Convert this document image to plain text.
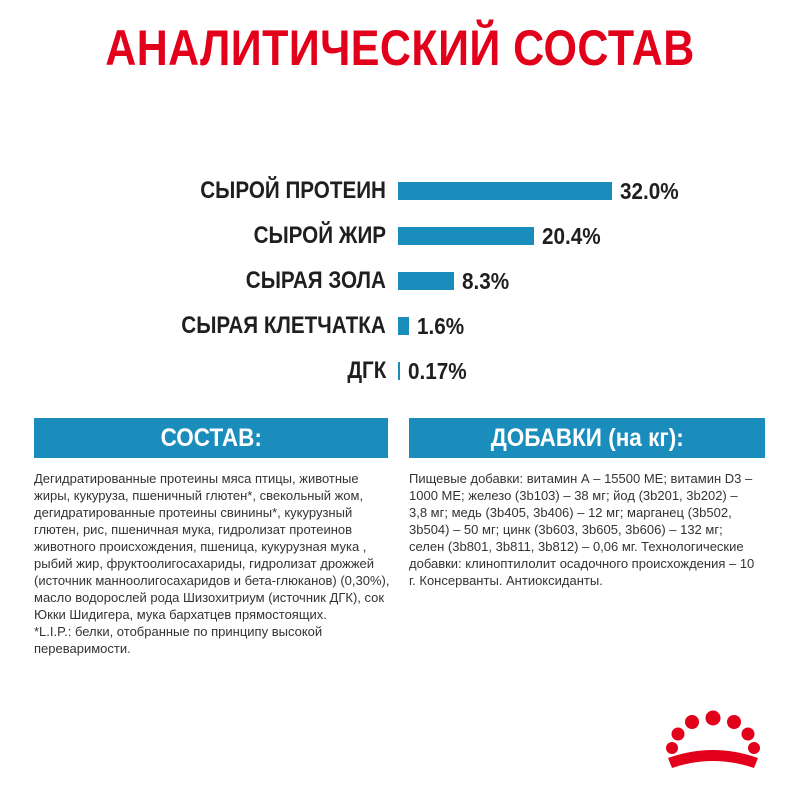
АНАЛИТИЧЕСКИЙ СОСТАВ
СЫРОЙ ПРОТЕИН	32.0%
СЫРОЙ ЖИР	20.4%
СЫРАЯ ЗОЛА	8.3%
СЫРАЯ КЛЕТЧАТКА 1.6%
ДГК 0.17%
СОСТАВ:

Дегидратированные протеины мяса птицы, животные жиры, кукуруза, пшеничный глютен*, свекольный жом, дегидратированные протеины свинины*, кукурузный глютен, рис, пшеничная мука, гидролизат протеинов животного происхождения, пшеница, кукурузная мука , рыбий жир, фруктоолигосахариды, гидролизат дрожжей (источник манноолигосахаридов и бета-глюканов) (0,30%), масло водорослей рода Шизохитриум (источник ДГК), сок Юкки Шидигера, мука бархатцев прямостоящих.

*L.I.P.: белки, отобранные по принципу высокой переваримости.

ДОБАВКИ (на кг):

Пищевые добавки: витамин А – 15500 МЕ; витамин D3 – 1000 МЕ; железо (3b103) – 38 мг; йод (3b201, 3b202) – 3,8 мг; медь (3b405, 3b406) – 12 мг; марганец (3b502, 3b504) – 50 мг; цинк (3b603, 3b605, 3b606) – 132 мг; селен (3b801, 3b811, 3b812) – 0,06 мг. Технологические добавки: клиноптилолит осадочного происхождения – 10 г. Консерванты. Антиоксиданты.
